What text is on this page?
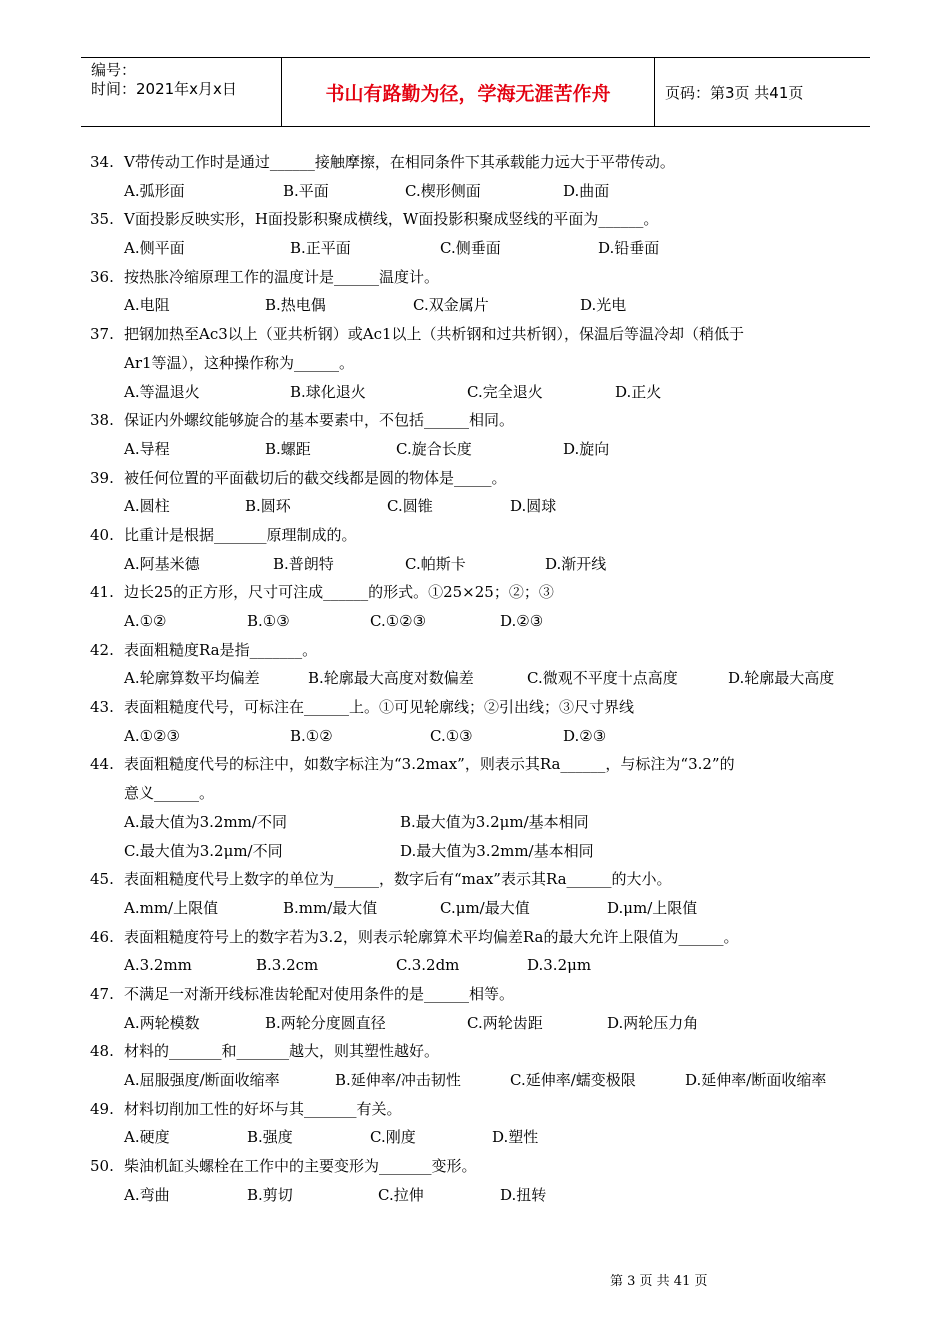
编号：
时间：2021年x月x日	书山有路勤为径，学海无涯苦作舟	页码：第3页 共41页
34. V带传动工作时是通过______接触摩擦，在相同条件下其承载能力远大于平带传动。
A.弧形面	B.平面	C.楔形侧面	D.曲面
35. V面投影反映实形，H面投影积聚成横线，W面投影积聚成竖线的平面为______。
A.侧平面	B.正平面	C.侧垂面	D.铅垂面
36. 按热胀冷缩原理工作的温度计是______温度计。
A.电阻	B.热电偶	C.双金属片	D.光电
37. 把钢加热至Ac3以上（亚共析钢）或Ac1以上（共析钢和过共析钢），保温后等温冷却（稍低于
Ar1等温），这种操作称为______。
A.等温退火	B.球化退火	C.完全退火	D.正火
38. 保证内外螺纹能够旋合的基本要素中，不包括______相同。
A.导程	B.螺距	C.旋合长度	D.旋向
39. 被任何位置的平面截切后的截交线都是圆的物体是_____。
A.圆柱	B.圆环	C.圆锥	D.圆球
40. 比重计是根据_______原理制成的。
A.阿基米德	B.普朗特	C.帕斯卡	D.渐开线
41. 边长25的正方形，尺寸可注成______的形式。①25×25；②；③
A.①②	B.①③	C.①②③	D.②③
42. 表面粗糙度Ra是指_______。
A.轮廓算数平均偏差	B.轮廓最大高度对数偏差	C.微观不平度十点高度	D.轮廓最大高度
43. 表面粗糙度代号，可标注在______上。①可见轮廓线；②引出线；③尺寸界线
A.①②③	B.①②	C.①③	D.②③
44. 表面粗糙度代号的标注中，如数字标注为“3.2max”，则表示其Ra______，与标注为“3.2”的
意义______。
A.最大值为3.2mm/不同	B.最大值为3.2μm/基本相同
C.最大值为3.2μm/不同	D.最大值为3.2mm/基本相同
45. 表面粗糙度代号上数字的单位为______，数字后有“max”表示其Ra______的大小。
A.mm/上限值	B.mm/最大值	C.μm/最大值	D.μm/上限值
46. 表面粗糙度符号上的数字若为3.2，则表示轮廓算术平均偏差Ra的最大允许上限值为______。
A.3.2mm	B.3.2cm	C.3.2dm	D.3.2μm
47. 不满足一对渐开线标准齿轮配对使用条件的是______相等。
A.两轮模数	B.两轮分度圆直径	C.两轮齿距	D.两轮压力角
48. 材料的_______和_______越大，则其塑性越好。
A.屈服强度/断面收缩率	B.延伸率/冲击韧性	C.延伸率/蠕变极限	D.延伸率/断面收缩率
49. 材料切削加工性的好坏与其_______有关。
A.硬度	B.强度	C.刚度	D.塑性
50. 柴油机缸头螺栓在工作中的主要变形为_______变形。
A.弯曲	B.剪切	C.拉伸	D.扭转
第 3 页 共 41 页
